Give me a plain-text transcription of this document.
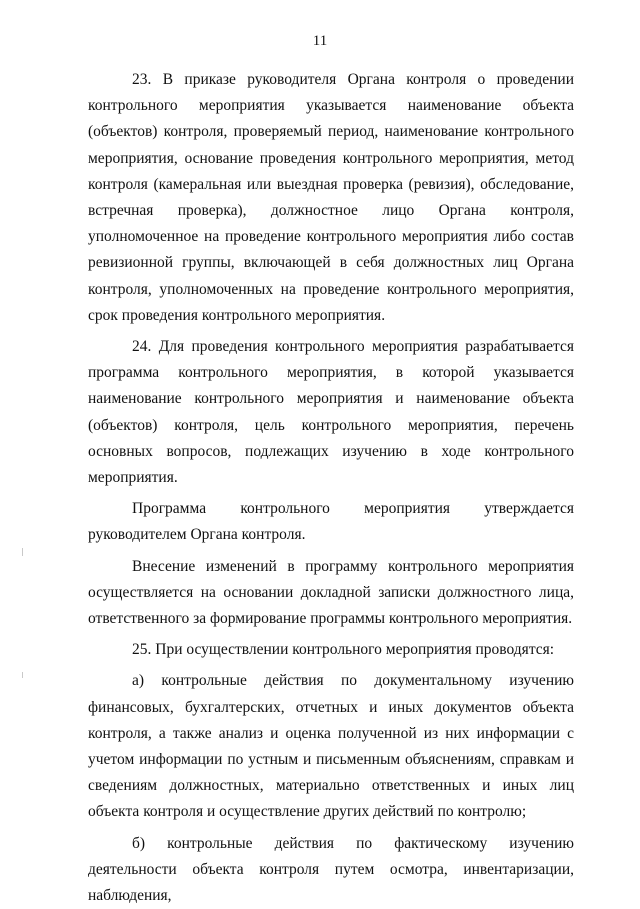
11

23. В приказе руководителя Органа контроля о проведении контрольного мероприятия указывается наименование объекта (объектов) контроля, проверяемый период, наименование контрольного мероприятия, основание проведения контрольного мероприятия, метод контроля (камеральная или выездная проверка (ревизия), обследование, встречная проверка), должностное лицо Органа контроля, уполномоченное на проведение контрольного мероприятия либо состав ревизионной группы, включающей в себя должностных лиц Органа контроля, уполномоченных на проведение контрольного мероприятия, срок проведения контрольного мероприятия.

24. Для проведения контрольного мероприятия разрабатывается программа контрольного мероприятия, в которой указывается наименование контрольного мероприятия и наименование объекта (объектов) контроля, цель контрольного мероприятия, перечень основных вопросов, подлежащих изучению в ходе контрольного мероприятия.

Программа контрольного мероприятия утверждается руководителем Органа контроля.

Внесение изменений в программу контрольного мероприятия осуществляется на основании докладной записки должностного лица, ответственного за формирование программы контрольного мероприятия.

25. При осуществлении контрольного мероприятия проводятся:

а) контрольные действия по документальному изучению финансовых, бухгалтерских, отчетных и иных документов объекта контроля, а также анализ и оценка полученной из них информации с учетом информации по устным и письменным объяснениям, справкам и сведениям должностных, материально ответственных и иных лиц объекта контроля и осуществление других действий по контролю;

б) контрольные действия по фактическому изучению деятельности объекта контроля путем осмотра, инвентаризации, наблюдения,
